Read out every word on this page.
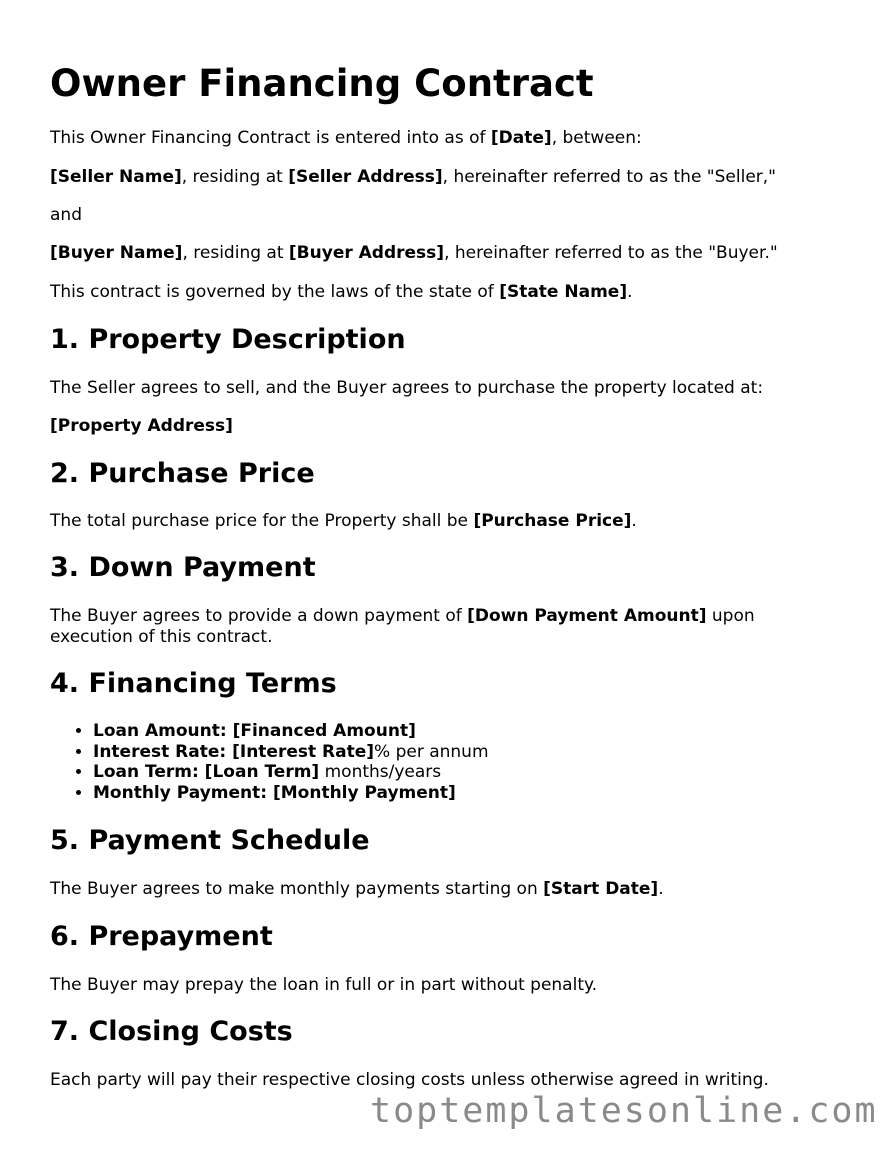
Owner Financing Contract

This Owner Financing Contract is entered into as of [Date], between:

[Seller Name], residing at [Seller Address], hereinafter referred to as the "Seller,"

and

[Buyer Name], residing at [Buyer Address], hereinafter referred to as the "Buyer."

This contract is governed by the laws of the state of [State Name].

1. Property Description

The Seller agrees to sell, and the Buyer agrees to purchase the property located at:

[Property Address]

2. Purchase Price

The total purchase price for the Property shall be [Purchase Price].

3. Down Payment

The Buyer agrees to provide a down payment of [Down Payment Amount] upon execution of this contract.

4. Financing Terms
• Loan Amount: [Financed Amount]
• Interest Rate: [Interest Rate]% per annum
• Loan Term: [Loan Term] months/years
• Monthly Payment: [Monthly Payment]
5. Payment Schedule

The Buyer agrees to make monthly payments starting on [Start Date].

6. Prepayment

The Buyer may prepay the loan in full or in part without penalty.

7. Closing Costs

Each party will pay their respective closing costs unless otherwise agreed in writing.

toptemplatesonline.com
